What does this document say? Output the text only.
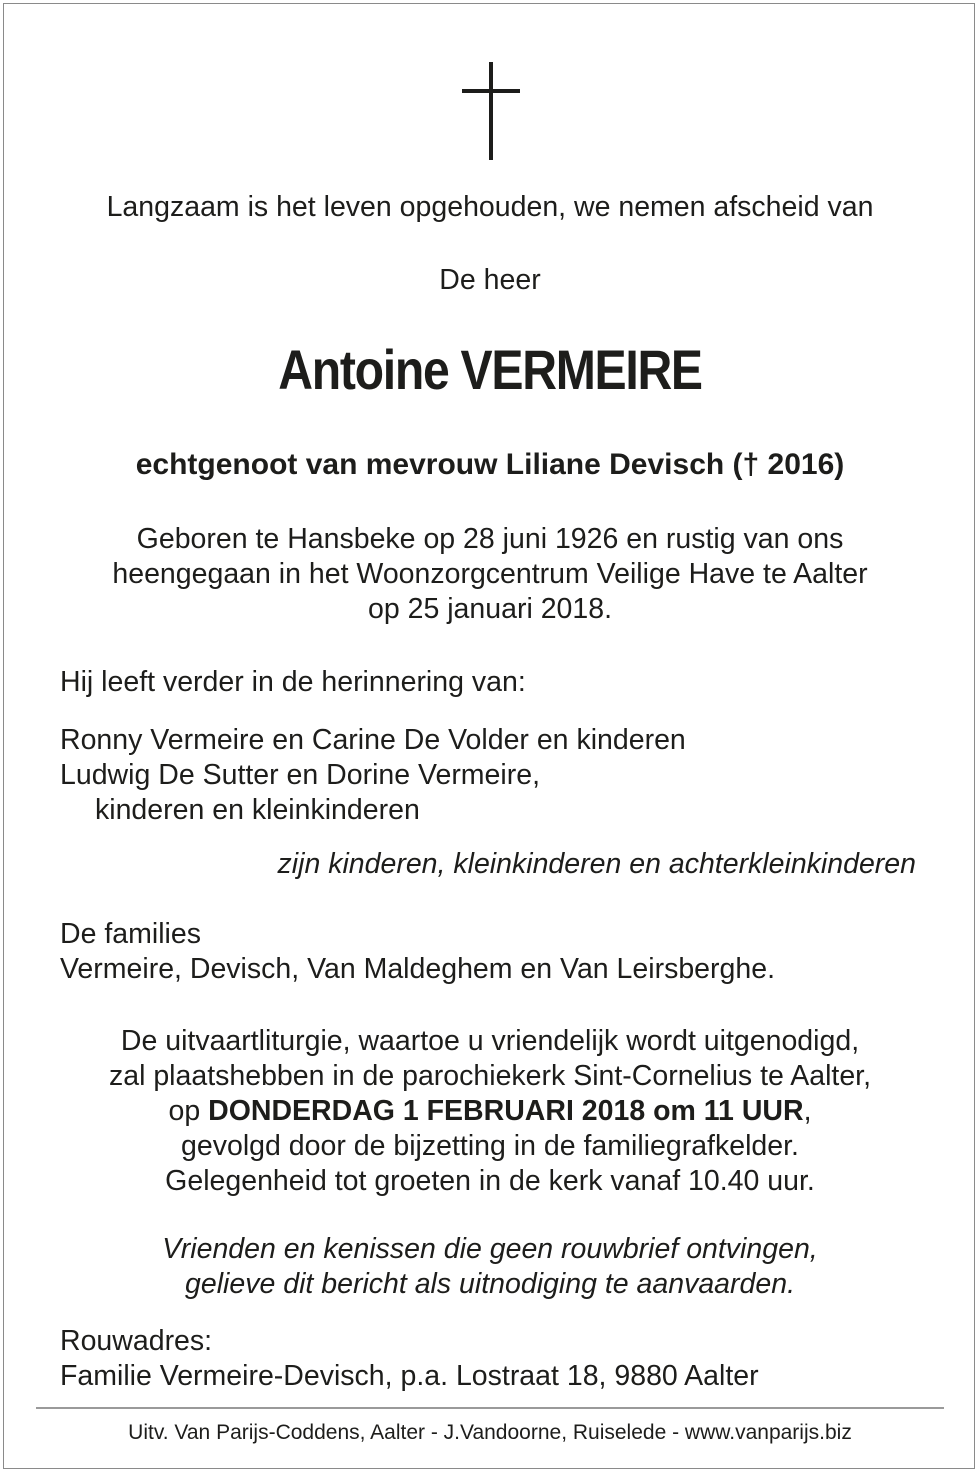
Langzaam is het leven opgehouden, we nemen afscheid van
De heer
Antoine VERMEIRE
echtgenoot van mevrouw Liliane Devisch († 2016)
Geboren te Hansbeke op 28 juni 1926 en rustig van ons
heengegaan in het Woonzorgcentrum Veilige Have te Aalter
op 25 januari 2018.
Hij leeft verder in de herinnering van:
Ronny Vermeire en Carine De Volder en kinderen
Ludwig De Sutter en Dorine Vermeire,
kinderen en kleinkinderen
zijn kinderen, kleinkinderen en achterkleinkinderen
De families
Vermeire, Devisch, Van Maldeghem en Van Leirsberghe.
De uitvaartliturgie, waartoe u vriendelijk wordt uitgenodigd,
zal plaatshebben in de parochiekerk Sint-Cornelius te Aalter,
op DONDERDAG 1 FEBRUARI 2018 om 11 UUR,
gevolgd door de bijzetting in de familiegrafkelder.
Gelegenheid tot groeten in de kerk vanaf 10.40 uur.
Vrienden en kenissen die geen rouwbrief ontvingen,
gelieve dit bericht als uitnodiging te aanvaarden.
Rouwadres:
Familie Vermeire-Devisch, p.a. Lostraat 18, 9880 Aalter
Uitv. Van Parijs-Coddens, Aalter - J.Vandoorne, Ruiselede - www.vanparijs.biz
